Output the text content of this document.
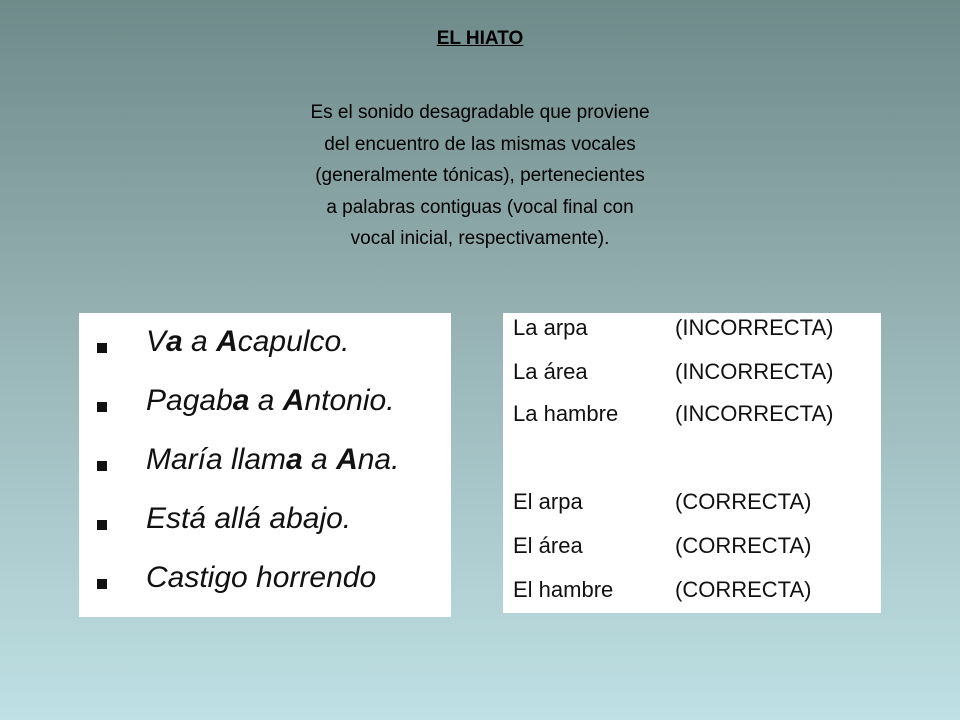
EL HIATO
Es el sonido desagradable que proviene
del encuentro de las mismas vocales
(generalmente tónicas), pertenecientes
a palabras contiguas (vocal final con
vocal inicial, respectivamente).
Va a Acapulco.
Pagaba a Antonio.
María llama a Ana.
Está allá abajo.
Castigo horrendo
La arpa	(INCORRECTA)
La área	(INCORRECTA)
La hambre	(INCORRECTA)
El arpa	(CORRECTA)
El área	(CORRECTA)
El hambre	(CORRECTA)
